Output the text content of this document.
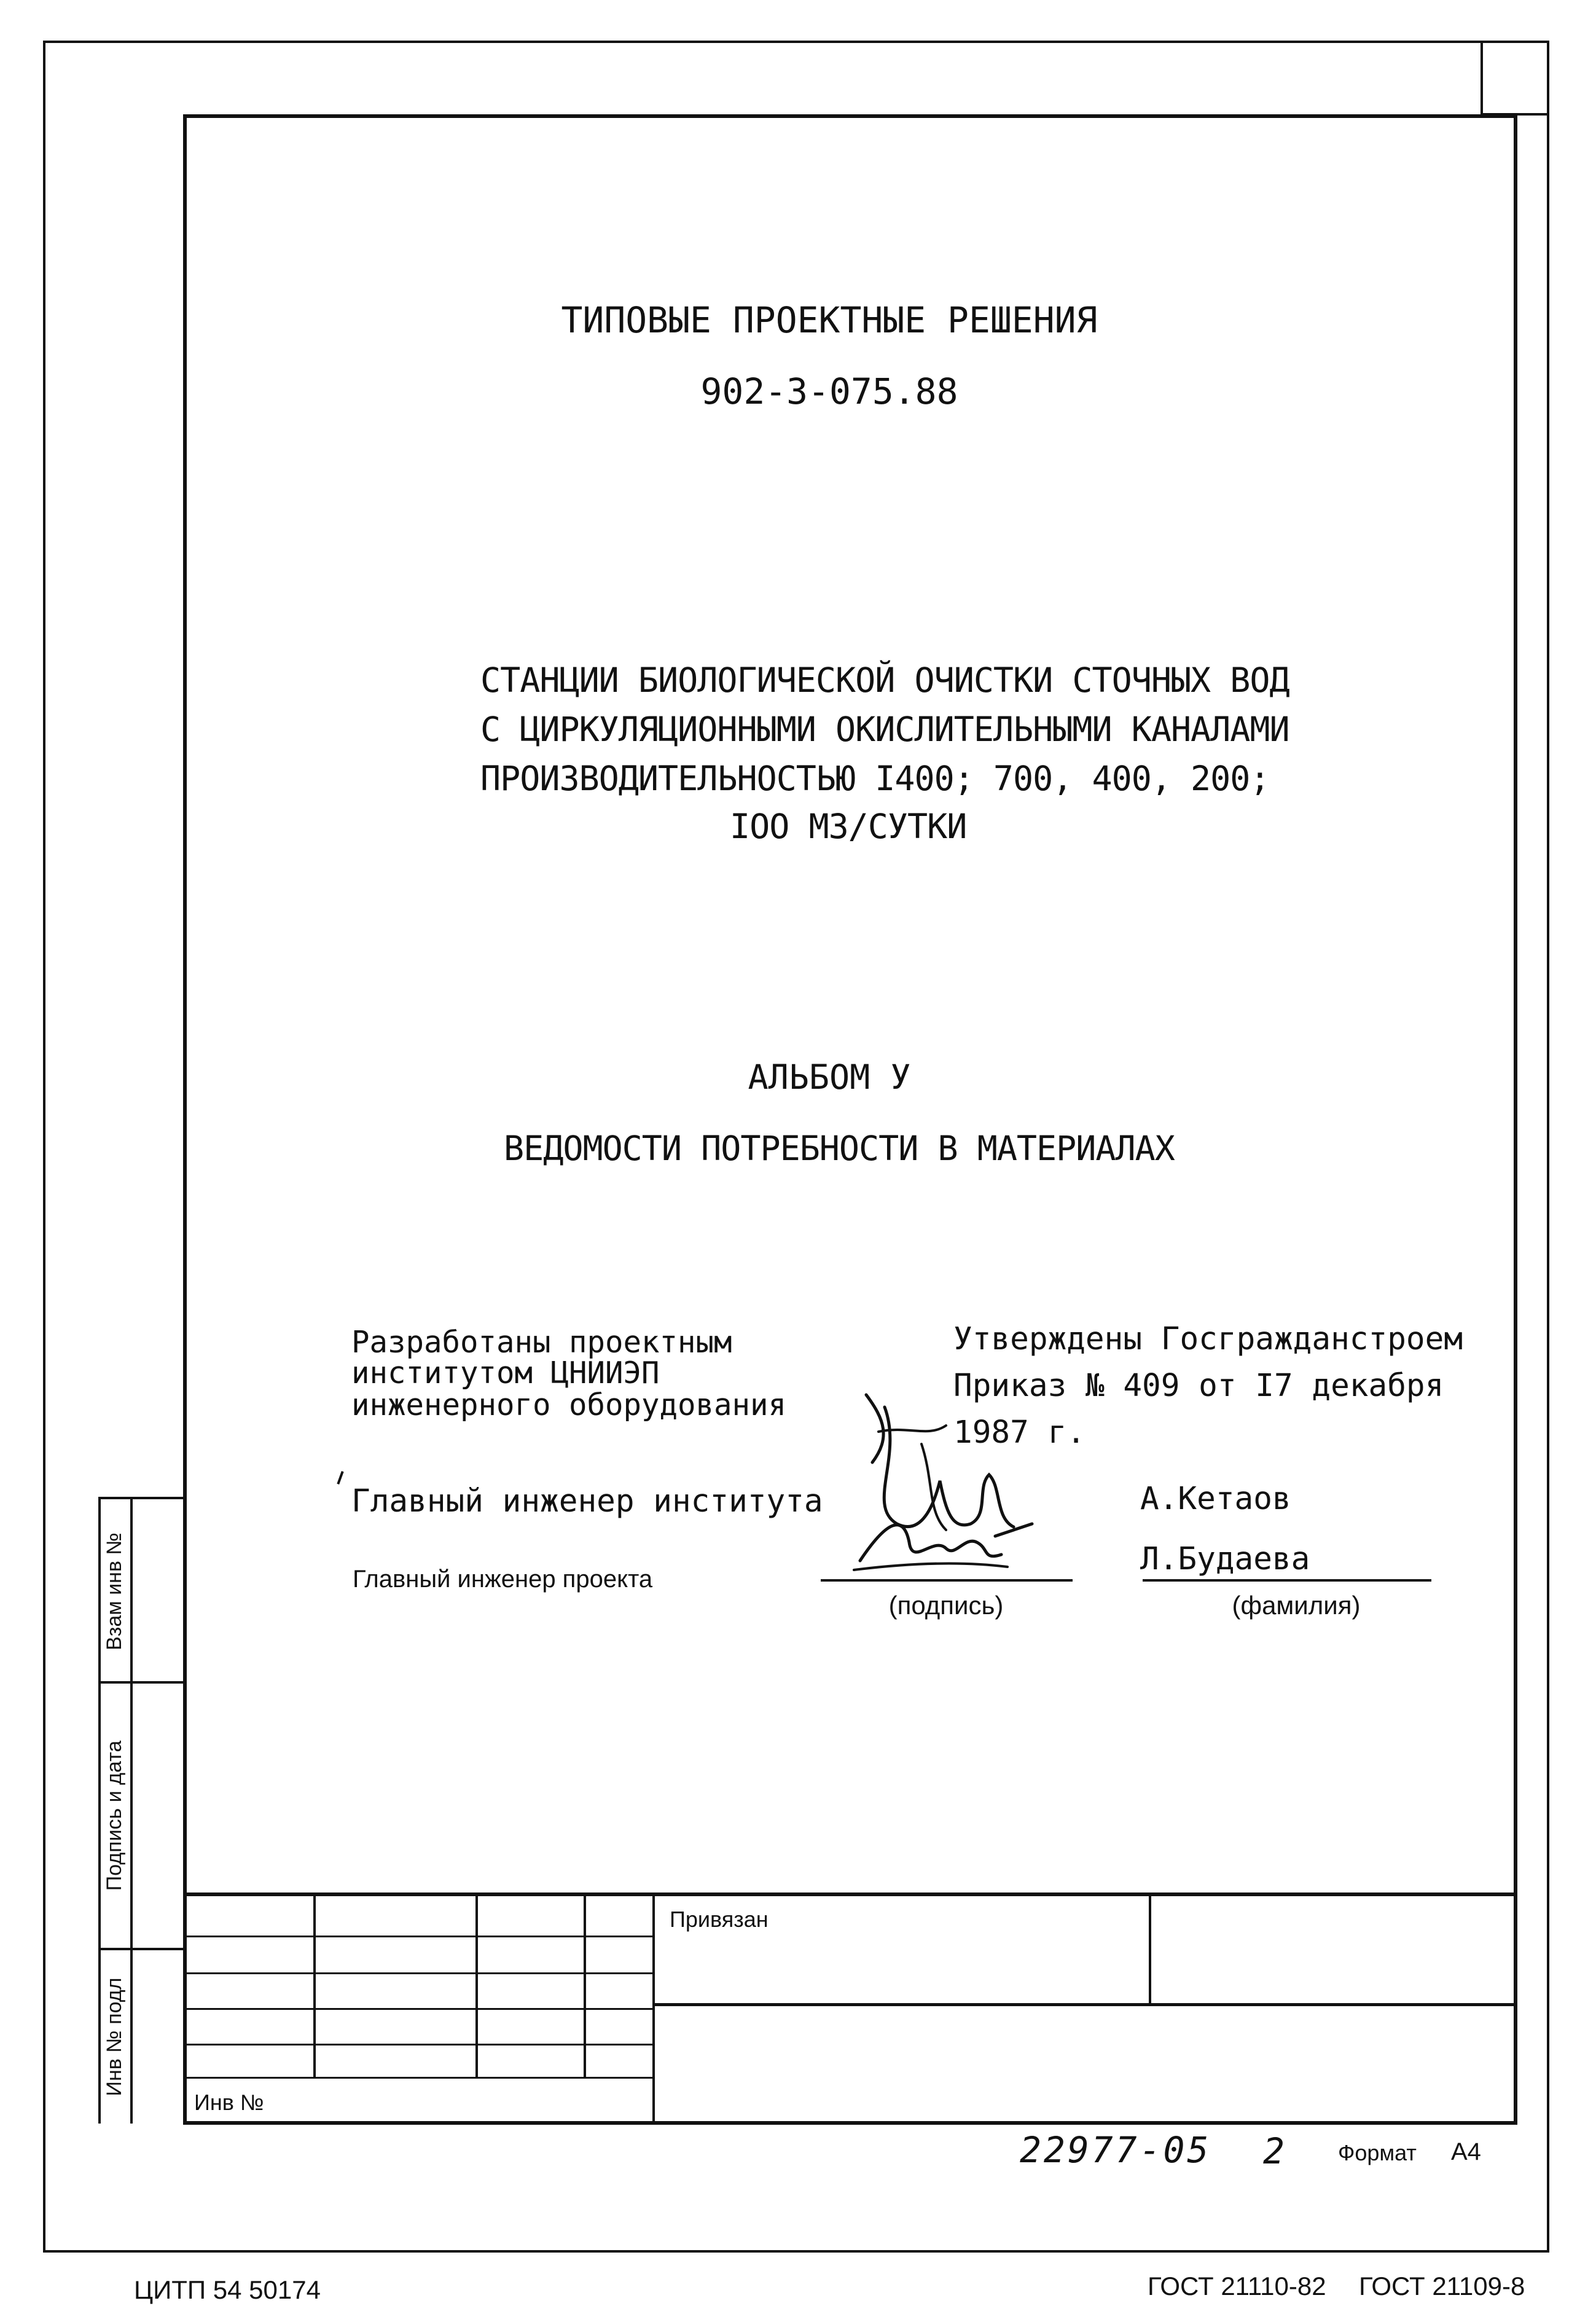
ТИПОВЫЕ ПРОЕКТНЫЕ РЕШЕНИЯ
902-3-075.88
СТАНЦИИ БИОЛОГИЧЕСКОЙ ОЧИСТКИ СТОЧНЫХ ВОД
С ЦИРКУЛЯЦИОННЫМИ ОКИСЛИТЕЛЬНЫМИ КАНАЛАМИ
ПРОИЗВОДИТЕЛЬНОСТЬЮ I400; 700, 400, 200;
IOO МЗ/СУТКИ
АЛЬБОМ У
ВЕДОМОСТИ ПОТРЕБНОСТИ В МАТЕРИАЛАХ
Разработаны проектным
институтом ЦНИИЭП
инженерного оборудования
Утверждены Госгражданстроем
Приказ № 409 от I7 декабря
1987 г.
Главный инженер института	А.Кетаов
Главный инженер проекта
Л.Будаева
(подпись)	(фамилия)
Взам инв №
Подпись и дата
Инв № подл
Привязан
Инв №
22977-05 2 Формат А4
ЦИТП 54 50174	ГОСТ 21110-82 ГОСТ 21109-8
